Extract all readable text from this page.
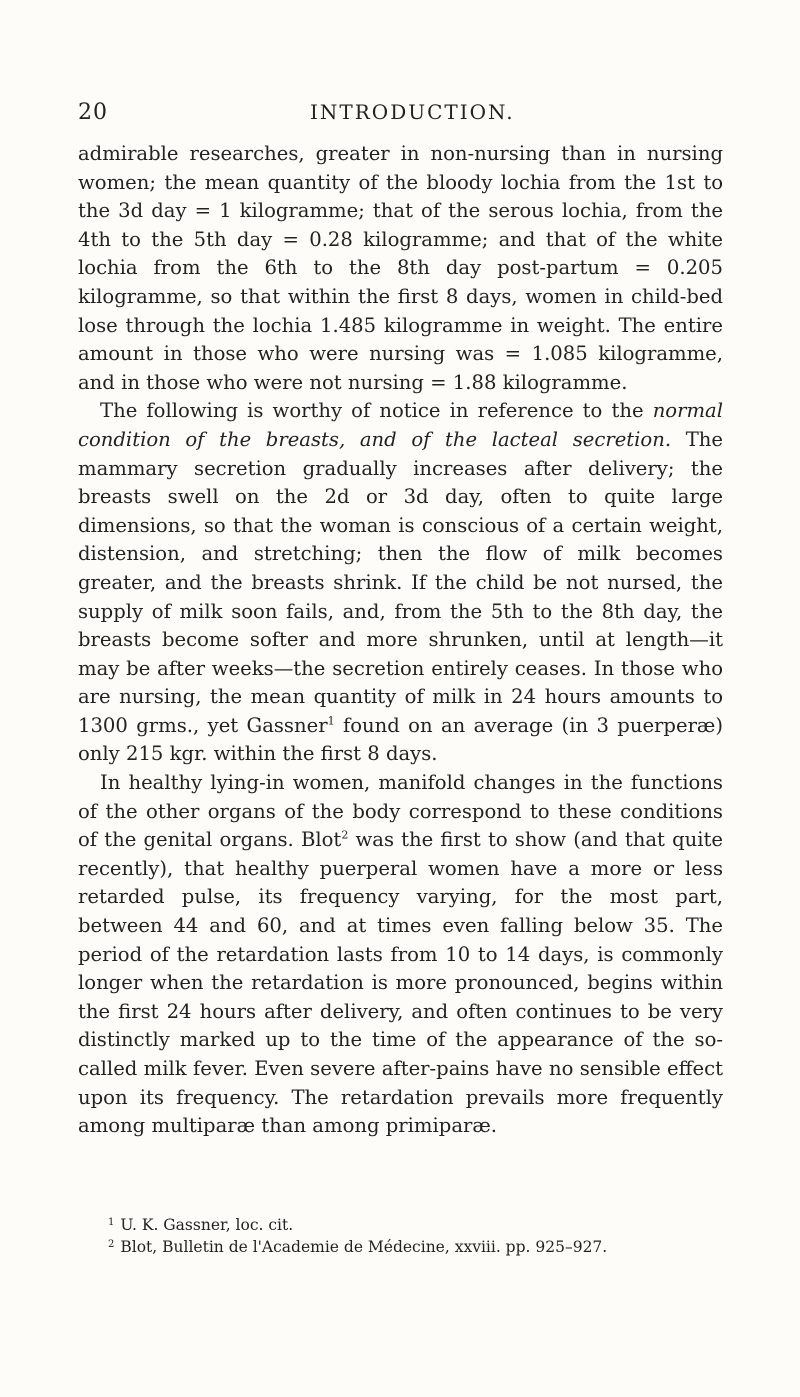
20	INTRODUCTION.

admirable researches, greater in non-nursing than in nursing women; the mean quantity of the bloody lochia from the 1st to the 3d day = 1 kilogramme; that of the serous lochia, from the 4th to the 5th day = 0.28 kilogramme; and that of the white lochia from the 6th to the 8th day post-partum = 0.205 kilogramme, so that within the first 8 days, women in child-bed lose through the lochia 1.485 kilogramme in weight. The entire amount in those who were nursing was = 1.085 kilogramme, and in those who were not nursing = 1.88 kilogramme.

The following is worthy of notice in reference to the normal condition of the breasts, and of the lacteal secretion. The mammary secretion gradually increases after delivery; the breasts swell on the 2d or 3d day, often to quite large dimensions, so that the woman is conscious of a certain weight, distension, and stretching; then the flow of milk becomes greater, and the breasts shrink. If the child be not nursed, the supply of milk soon fails, and, from the 5th to the 8th day, the breasts become softer and more shrunken, until at length—it may be after weeks—the secretion entirely ceases. In those who are nursing, the mean quantity of milk in 24 hours amounts to 1300 grms., yet Gassner$^1$ found on an average (in 3 puerperæ) only 215 kgr. within the first 8 days.

In healthy lying-in women, manifold changes in the functions of the other organs of the body correspond to these conditions of the genital organs. Blot$^2$ was the first to show (and that quite recently), that healthy puerperal women have a more or less retarded pulse, its frequency varying, for the most part, between 44 and 60, and at times even falling below 35. The period of the retardation lasts from 10 to 14 days, is commonly longer when the retardation is more pronounced, begins within the first 24 hours after delivery, and often continues to be very distinctly marked up to the time of the appearance of the so-called milk fever. Even severe after-pains have no sensible effect upon its frequency. The retardation prevails more frequently among multiparæ than among primiparæ.

$^1$ U. K. Gassner, loc. cit.

$^2$ Blot, Bulletin de l'Academie de Médecine, xxviii. pp. 925–927.
